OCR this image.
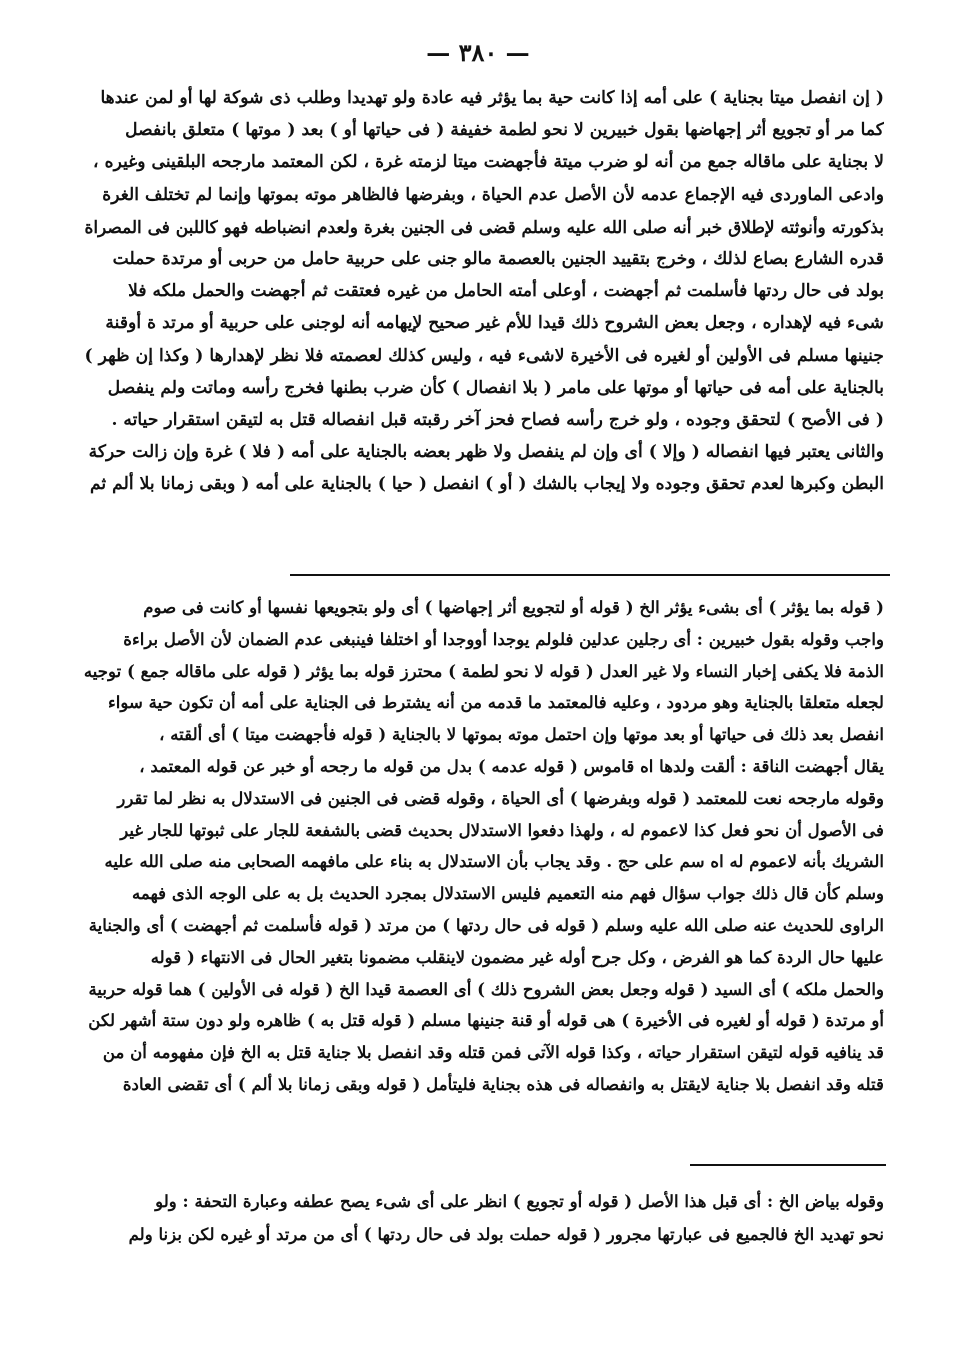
— ٣٨٠ —

( إن انفصل ميتا بجناية ) على أمه إذا كانت حية بما يؤثر فيه عادة ولو تهديدا وطلب ذى شوكة لها أو لمن عندها

كما مر أو تجويع أثر إجهاضها بقول خبيرين لا نحو لطمة خفيفة ( فى حياتها أو ) بعد ( موتها ) متعلق بانفصل

لا بجناية على ماقاله جمع من أنه لو ضرب ميتة فأجهضت ميتا لزمته غرة ، لكن المعتمد مارجحه البلقينى وغيره ،

وادعى الماوردى فيه الإجماع عدمه لأن الأصل عدم الحياة ، وبفرضها فالظاهر موته بموتها وإنما لم تختلف الغرة

بذكورته وأنوثته لإطلاق خبر أنه صلى الله عليه وسلم قضى فى الجنين بغرة ولعدم انضباطه فهو كاللبن فى المصراة

قدره الشارع بصاع لذلك ، وخرج بتقييد الجنين بالعصمة مالو جنى على حربية حامل من حربى أو مرتدة حملت

بولد فى حال ردتها فأسلمت ثم أجهضت ، أوعلى أمته الحامل من غيره فعتقت ثم أجهضت والحمل ملكه فلا

شىء فيه لإهداره ، وجعل بعض الشروح ذلك قيدا للأم غير صحيح لإيهامه أنه لوجنى على حربية أو مرتد ة أوقنة

جنينها مسلم فى الأولين أو لغيره فى الأخيرة لاشىء فيه ، وليس كذلك لعصمته فلا نظر لإهدارها ( وكذا إن ظهر )

بالجناية على أمه فى حياتها أو موتها على مامر ( بلا انفصال ) كأن ضرب بطنها فخرج رأسه وماتت ولم ينفصل

( فى الأصح ) لتحقق وجوده ، ولو خرج رأسه فصاح فحز آخر رقبته قبل انفصاله قتل به لتيقن استقرار حياته .

والثانى يعتبر فيها انفصاله ( وإلا ) أى وإن لم ينفصل ولا ظهر بعضه بالجناية على أمه ( فلا ) غرة وإن زالت حركة

البطن وكبرها لعدم تحقق وجوده ولا إيجاب بالشك ( أو ) انفصل ( حيا ) بالجناية على أمه ( وبقى زمانا بلا ألم ثم

( قوله بما يؤثر ) أى بشىء يؤثر الخ ( قوله أو لتجويع أثر إجهاضها ) أى ولو بتجويعها نفسها أو كانت فى صوم

واجب وقوله بقول خبيرين : أى رجلين عدلين فلولم يوجدا أووجدا أو اختلفا فينبغى عدم الضمان لأن الأصل براءة

الذمة فلا يكفى إخبار النساء ولا غير العدل ( قوله لا نحو لطمة ) محترز قوله بما يؤثر ( قوله على ماقاله جمع ) توجيه

لجعله متعلقا بالجناية وهو مردود ، وعليه فالمعتمد ما قدمه من أنه يشترط فى الجناية على أمه أن تكون حية سواء

انفصل بعد ذلك فى حياتها أو بعد موتها وإن احتمل موته بموتها لا بالجناية ( قوله فأجهضت ميتا ) أى ألقته ،

يقال أجهضت الناقة : ألقت ولدها اه قاموس ( قوله عدمه ) بدل من قوله ما رجحه أو خبر عن قوله المعتمد ،

وقوله مارجحه نعت للمعتمد ( قوله وبفرضها ) أى الحياة ، وقوله قضى فى الجنين فى الاستدلال به نظر لما تقرر

فى الأصول أن نحو فعل كذا لاعموم له ، ولهذا دفعوا الاستدلال بحديث قضى بالشفعة للجار على ثبوتها للجار غير

الشريك بأنه لاعموم له اه سم على حج . وقد يجاب بأن الاستدلال به بناء على مافهمه الصحابى منه صلى الله عليه

وسلم كأن قال ذلك جواب سؤال فهم منه التعميم فليس الاستدلال بمجرد الحديث بل به على الوجه الذى فهمه

الراوى للحديث عنه صلى الله عليه وسلم ( قوله فى حال ردتها ) من مرتد ( قوله فأسلمت ثم أجهضت ) أى والجناية

عليها حال الردة كما هو الفرض ، وكل جرح أوله غير مضمون لاينقلب مضمونا بتغير الحال فى الانتهاء ( قوله

والحمل ملكه ) أى السيد ( قوله وجعل بعض الشروح ذلك ) أى العصمة قيدا الخ ( قوله فى الأولين ) هما قوله حربية

أو مرتدة ( قوله أو لغيره فى الأخيرة ) هى قوله أو قنة جنينها مسلم ( قوله قتل به ) ظاهره ولو دون ستة أشهر لكن

قد ينافيه قوله لتيقن استقرار حياته ، وكذا قوله الآتى فمن قتله وقد انفصل بلا جناية قتل به الخ فإن مفهومه أن من

قتله وقد انفصل بلا جناية لايقتل به وانفصاله فى هذه بجناية فليتأمل ( قوله وبقى زمانا بلا ألم ) أى تقضى العادة

وقوله بياض الخ : أى قبل هذا الأصل ( قوله أو تجويع ) انظر على أى شىء يصح عطفه وعبارة التحفة : ولو

نحو تهديد الخ فالجميع فى عبارتها مجرور ( قوله حملت بولد فى حال ردتها ) أى من مرتد أو غيره لكن بزنا ولم
